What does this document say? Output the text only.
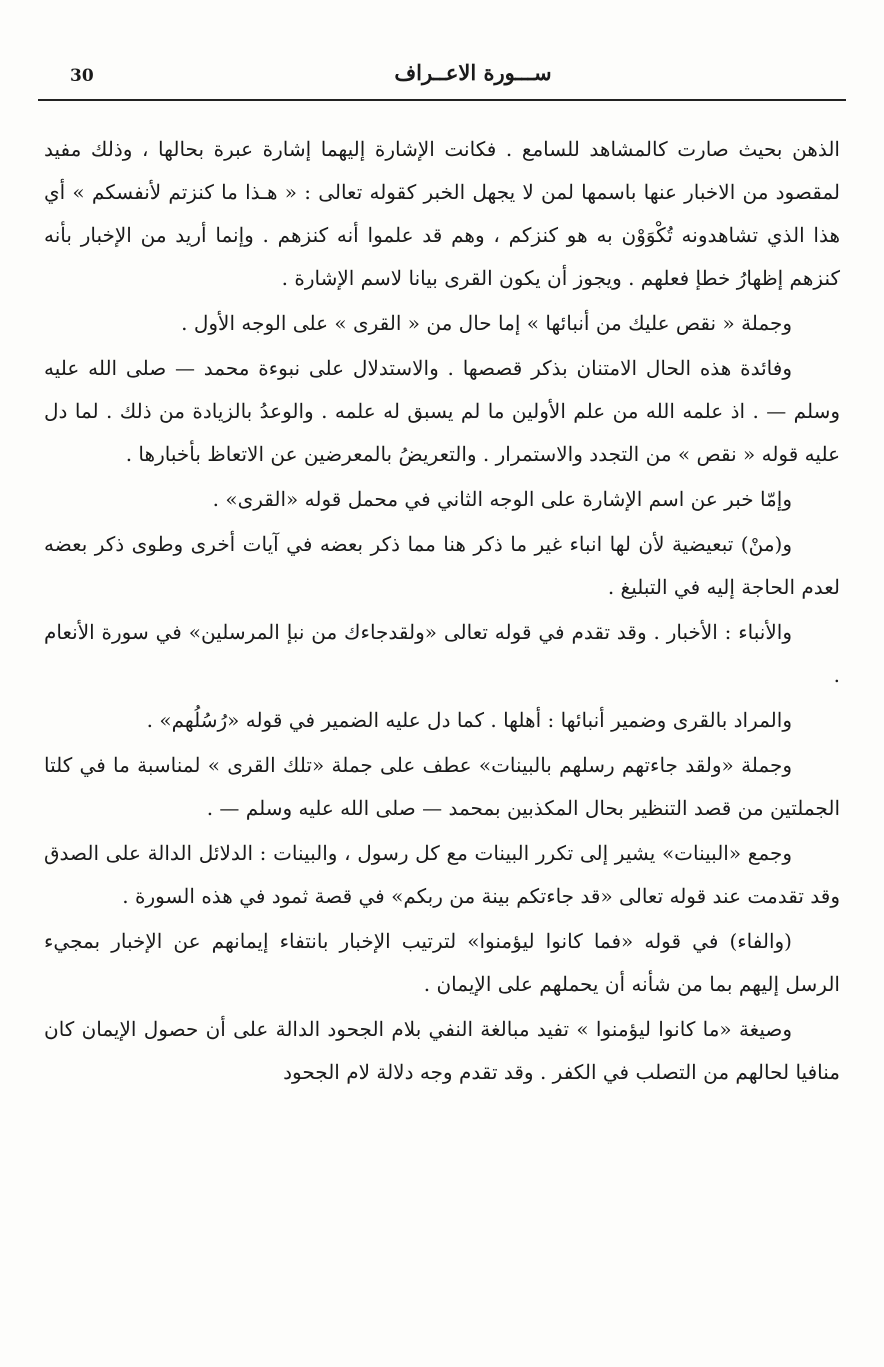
30	ســـورة الاعــراف

الذهن بحيث صارت كالمشاهد للسامع . فكانت الإشارة إليهما إشارة عبرة بحالها ، وذلك مفيد لمقصود من الاخبار عنها باسمها لمن لا يجهل الخبر كقوله تعالى : « هـذا ما كنزتم لأنفسكم » أي هذا الذي تشاهدونه تُكْوَوْن به هو كنزكم ، وهم قد علموا أنه كنزهم . وإنما أريد من الإخبار بأنه كنزهم إظهارُ خطإ فعلهم . ويجوز أن يكون القرى بيانا لاسم الإشارة .

وجملة « نقص عليك من أنبائها » إما حال من « القرى » على الوجه الأول .

وفائدة هذه الحال الامتنان بذكر قصصها . والاستدلال على نبوءة محمد — صلى الله عليه وسلم — . اذ علمه الله من علم الأولين ما لم يسبق له علمه . والوعدُ بالزيادة من ذلك . لما دل عليه قوله « نقص » من التجدد والاستمرار . والتعريضُ بالمعرضين عن الاتعاظ بأخبارها .

وإمّا خبر عن اسم الإشارة على الوجه الثاني في محمل قوله «القرى» .

و(منْ) تبعيضية لأن لها انباء غير ما ذكر هنا مما ذكر بعضه في آيات أخرى وطوى ذكر بعضه لعدم الحاجة إليه في التبليغ .

والأنباء : الأخبار . وقد تقدم في قوله تعالى «ولقدجاءك من نبإ المرسلين» في سورة الأنعام .

والمراد بالقرى وضمير أنبائها : أهلها . كما دل عليه الضمير في قوله «رُسُلُهم» .

وجملة «ولقد جاءتهم رسلهم بالبينات» عطف على جملة «تلك القرى » لمناسبة ما في كلتا الجملتين من قصد التنظير بحال المكذبين بمحمد — صلى الله عليه وسلم — .

وجمع «البينات» يشير إلى تكرر البينات مع كل رسول ، والبينات : الدلائل الدالة على الصدق وقد تقدمت عند قوله تعالى «قد جاءتكم بينة من ربكم» في قصة ثمود في هذه السورة .

(والفاء) في قوله «فما كانوا ليؤمنوا» لترتيب الإخبار بانتفاء إيمانهم عن الإخبار بمجيء الرسل إليهم بما من شأنه أن يحملهم على الإيمان .

وصيغة «ما كانوا ليؤمنوا » تفيد مبالغة النفي بلام الجحود الدالة على أن حصول الإيمان كان منافيا لحالهم من التصلب في الكفر . وقد تقدم وجه دلالة لام الجحود
